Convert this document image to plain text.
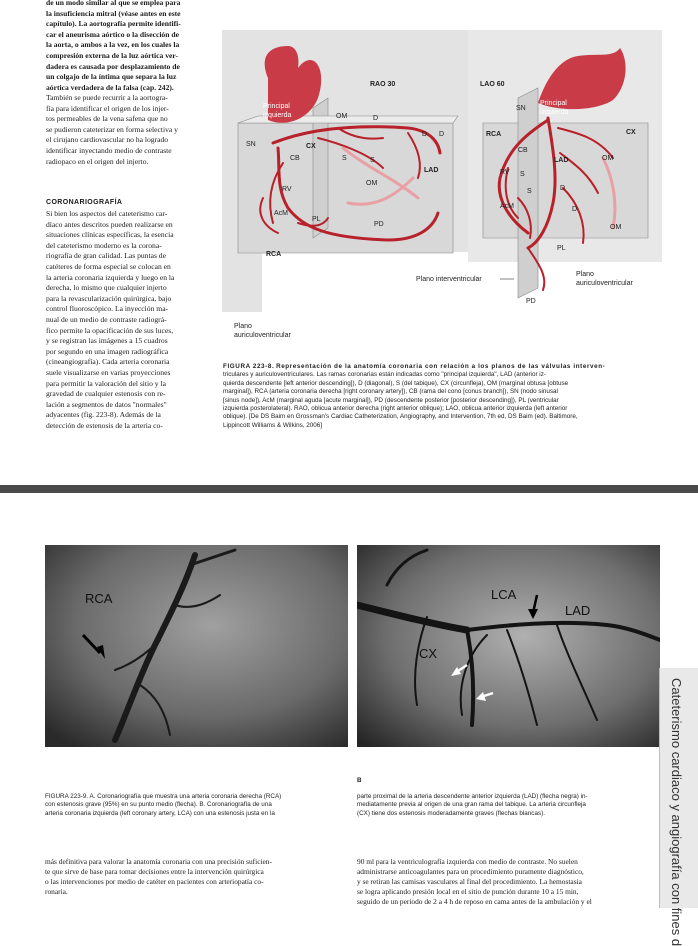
de un modo similar al que se emplea para
la insuficiencia mitral (véase antes en este
capítulo). La aortografía permite identifi-
car el aneurisma aórtico o la disección de
la aorta, o ambos a la vez, en los cuales la
compresión externa de la luz aórtica ver-
dadera es causada por desplazamiento de
un colgajo de la íntima que separa la luz
aórtica verdadera de la falsa (cap. 242).
También se puede recurrir a la aortogra-
fía para identificar el origen de los injer-
tos permeables de la vena safena que no
se pudieron cateterizar en forma selectiva y
el cirujano cardiovascular no ha logrado
identificar inyectando medio de contraste
radiopaco en el origen del injerto.
CORONARIOGRAFÍA
Si bien los aspectos del cateterismo car-
díaco antes descritos pueden realizarse en
situaciones clínicas específicas, la esencia
del cateterismo moderno es la corona-
riografía de gran calidad. Las puntas de
catéteres de forma especial se colocan en
la arteria coronaria izquierda y luego en la
derecha, lo mismo que cualquier injerto
para la revascularización quirúrgica, bajo
control fluoroscópico. La inyección ma-
nual de un medio de contraste radiográ-
fico permite la opacificación de sus luces,
y se registran las imágenes a 15 cuadros
por segundo en una imagen radiográfica
(cineangiografía). Cada arteria coronaria
suele visualizarse en varias proyecciones
para permitir la valoración del sitio y la
gravedad de cualquier estenosis con re-
lación a segmentos de datos "normales"
adyacentes (fig. 223-8). Además de la
detección de estenosis de la arteria co-
RAO 30	LAO 60
Principal
izquierda	OM	D
D D
SN	CX
CB	S	S
LAD
OM
RV
AcM
PL
PD
RCA
SN
Principal
izquierda
RCA	CX
CB
LAD	OM
RV S
S	D
AcM	D
OM
PL
PD
Plano interventricular
Plano
auriculoventricular
Plano
auriculoventricular
FIGURA 223-8. Representación de la anatomía coronaria con relación a los planos de las válvulas interven-
triculares y auriculoventriculares. Las ramas coronarias están indicadas como "principal izquierda", LAD (anterior iz-
quierda descendente [left anterior descending]), D (diagonal), S (del tabique), CX (circunfleja), OM (marginal obtusa [obtuse
marginal]), RCA (arteria coronaria derecha [right coronary artery]), CB (rama del cono [conus branch]), SN (nodo sinusal
[sinus node]), AcM (marginal aguda [acute marginal]), PD (descendente posterior [posterior descending]), PL (ventricular
izquierda posterolateral). RAO, oblicua anterior derecha (right anterior oblique); LAO, oblicua anterior izquierda (left anterior
oblique). [De DS Baim en Grossman's Cardiac Catheterization, Angiography, and Intervention, 7th ed, DS Baim (ed). Baltimore,
Lippincott Williams & Wilkins, 2006]
RCA	LCA
LAD
CX
B
FIGURA 223-9. A. Coronariografía que muestra una arteria coronaria derecha (RCA)
con estenosis grave (95%) en su punto medio (flecha). B. Coronariografía de una
arteria coronaria izquierda (left coronary artery, LCA) con una estenosis justa en la
parte proximal de la arteria descendente anterior izquierda (LAD) (flecha negra) in-
mediatamente previa al origen de una gran rama del tabique. La arteria circunfleja
(CX) tiene dos estenosis moderadamente graves (flechas blancas).
más definitiva para valorar la anatomía coronaria con una precisión suficien-
te que sirve de base para tomar decisiones entre la intervención quirúrgica
o las intervenciones por medio de catéter en pacientes con arteriopatía co-
ronaria.
90 ml para la ventriculografía izquierda con medio de contraste. No suelen
administrarse anticoagulantes para un procedimiento puramente diagnóstico,
y se retiran las camisas vasculares al final del procedimiento. La hemostasia
se logra aplicando presión local en el sitio de punción durante 10 a 15 min,
seguido de un periodo de 2 a 4 h de reposo en cama antes de la ambulación y el	Cateterismo cardiaco y angiografía con fines d
